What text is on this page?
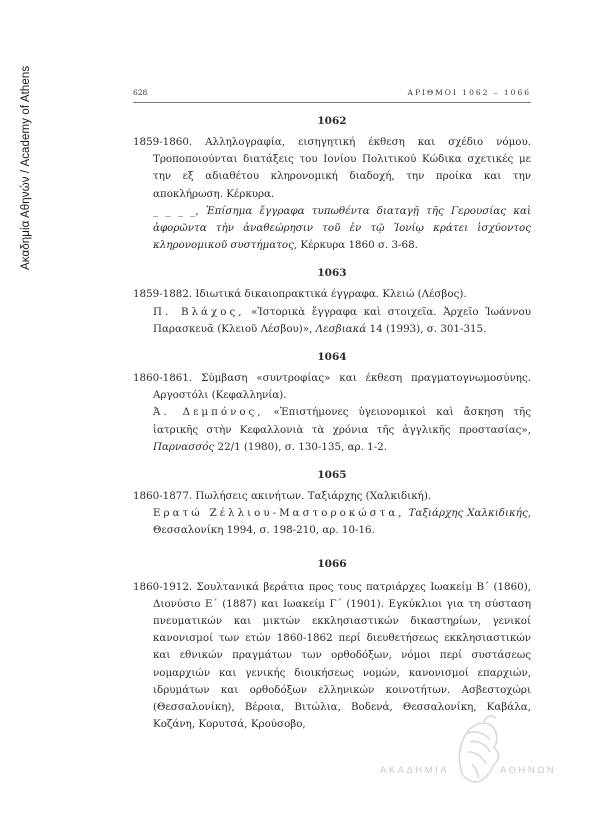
Ακαδημία Αθηνών / Academy of Athens	628	ΑΡΙΘΜΟΙ 1062 – 1066

1062

1859-1860. Αλληλογραφία, εισηγητική έκθεση και σχέδιο νόμου. Τροποποιούνται διατάξεις του Ιονίου Πολιτικού Κώδικα σχετικές με την εξ αδιαθέτου κληρονομική διαδοχή, την προίκα και την αποκλήρωση. Κέρκυρα.
_ _ _ _, Ἐπίσημα ἔγγραφα τυπωθέντα διαταγῇ τῆς Γερουσίας καὶ ἀφορῶντα τὴν ἀναθεώρησιν τοῦ ἐν τῷ Ἰονίῳ κράτει ἰσχύοντος κληρονομικοῦ συστήματος, Κέρκυρα 1860 σ. 3-68.

1063

1859-1882. Ιδιωτικά δικαιοπρακτικά έγγραφα. Κλειώ (Λέσβος).
Π. Βλάχος, «Ἱστορικὰ ἔγγραφα καὶ στοιχεῖα. Ἀρχεῖο Ἰωάννου Παρασκευᾶ (Κλειοῦ Λέσβου)», Λεσβιακά 14 (1993), σ. 301-315.

1064

1860-1861. Σύμβαση «συντροφίας» και έκθεση πραγματογνωμοσύνης. Αργοστόλι (Κεφαλληνία).
Ἀ. Δεμπόνος, «Ἐπιστήμονες ὑγειονομικοὶ καὶ ἄσκηση τῆς ἰατρικῆς στὴν Κεφαλλονιὰ τὰ χρόνια τῆς ἀγγλικῆς προστασίας», Παρνασσός 22/1 (1980), σ. 130-135, αρ. 1-2.

1065

1860-1877. Πωλήσεις ακινήτων. Ταξιάρχης (Χαλκιδική).
Ερατώ Ζέλλιου-Μαστοροκώστα, Ταξιάρχης Χαλκιδικής, Θεσσαλονίκη 1994, σ. 198-210, αρ. 10-16.

1066

1860-1912. Σουλτανικά βεράτια προς τους πατριάρχες Ιωακείμ Β΄ (1860), Διονύσιο Ε΄ (1887) και Ιωακείμ Γ΄ (1901). Εγκύκλιοι για τη σύσταση πνευματικών και μικτών εκκλησιαστικών δικαστηρίων, γενικοί κανονισμοί των ετών 1860-1862 περί διευθετήσεως εκκλησιαστικών και εθνικών πραγμάτων των ορθοδόξων, νόμοι περί συστάσεως νομαρχιών και γενικής διοικήσεως νομών, κανονισμοί επαρχιών, ιδρυμάτων και ορθοδόξων ελληνικών κοινοτήτων. Ασβεστοχώρι (Θεσσαλονίκη), Βέροια, Βιτώλια, Βοδενά, Θεσσαλονίκη, Καβάλα, Κοζάνη, Κορυτσά, Κρούσοβο,
ΑΚΑΔΗΜΙΑ	ΑΘΗΝΩΝ
